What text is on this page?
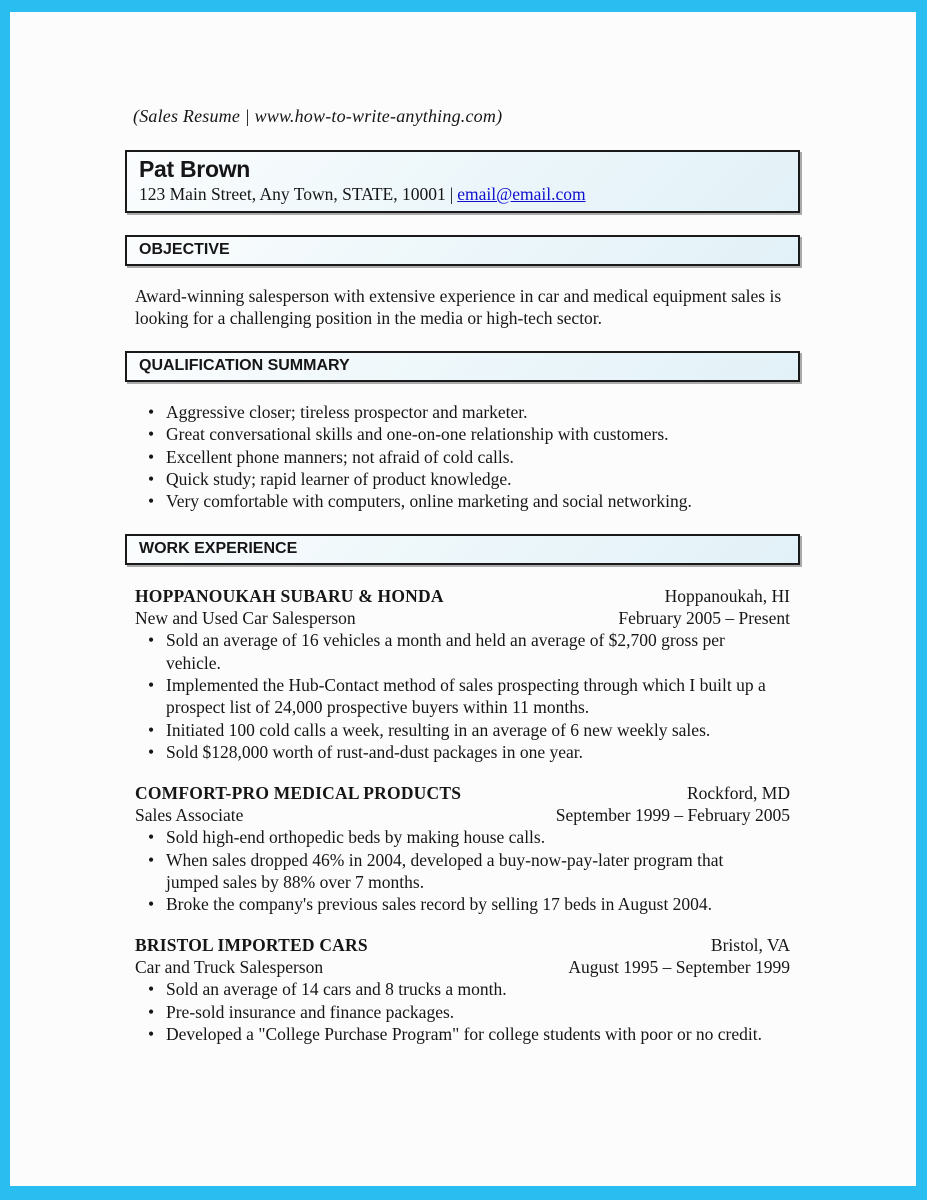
(Sales Resume | www.how-to-write-anything.com)
Pat Brown
123 Main Street, Any Town, STATE, 10001 | email@email.com
OBJECTIVE
Award-winning salesperson with extensive experience in car and medical equipment sales is looking for a challenging position in the media or high-tech sector.
QUALIFICATION SUMMARY
• Aggressive closer; tireless prospector and marketer.
• Great conversational skills and one-on-one relationship with customers.
• Excellent phone manners; not afraid of cold calls.
• Quick study; rapid learner of product knowledge.
• Very comfortable with computers, online marketing and social networking.
WORK EXPERIENCE
HOPPANOUKAH SUBARU & HONDA	Hoppanoukah, HI
New and Used Car Salesperson	February 2005 – Present
• Sold an average of 16 vehicles a month and held an average of $2,700 gross per vehicle.
• Implemented the Hub-Contact method of sales prospecting through which I built up a prospect list of 24,000 prospective buyers within 11 months.
• Initiated 100 cold calls a week, resulting in an average of 6 new weekly sales.
• Sold $128,000 worth of rust-and-dust packages in one year.
COMFORT-PRO MEDICAL PRODUCTS	Rockford, MD
Sales Associate	September 1999 – February 2005
• Sold high-end orthopedic beds by making house calls.
• When sales dropped 46% in 2004, developed a buy-now-pay-later program that jumped sales by 88% over 7 months.
• Broke the company's previous sales record by selling 17 beds in August 2004.
BRISTOL IMPORTED CARS	Bristol, VA
Car and Truck Salesperson	August 1995 – September 1999
• Sold an average of 14 cars and 8 trucks a month.
• Pre-sold insurance and finance packages.
• Developed a "College Purchase Program" for college students with poor or no credit.
